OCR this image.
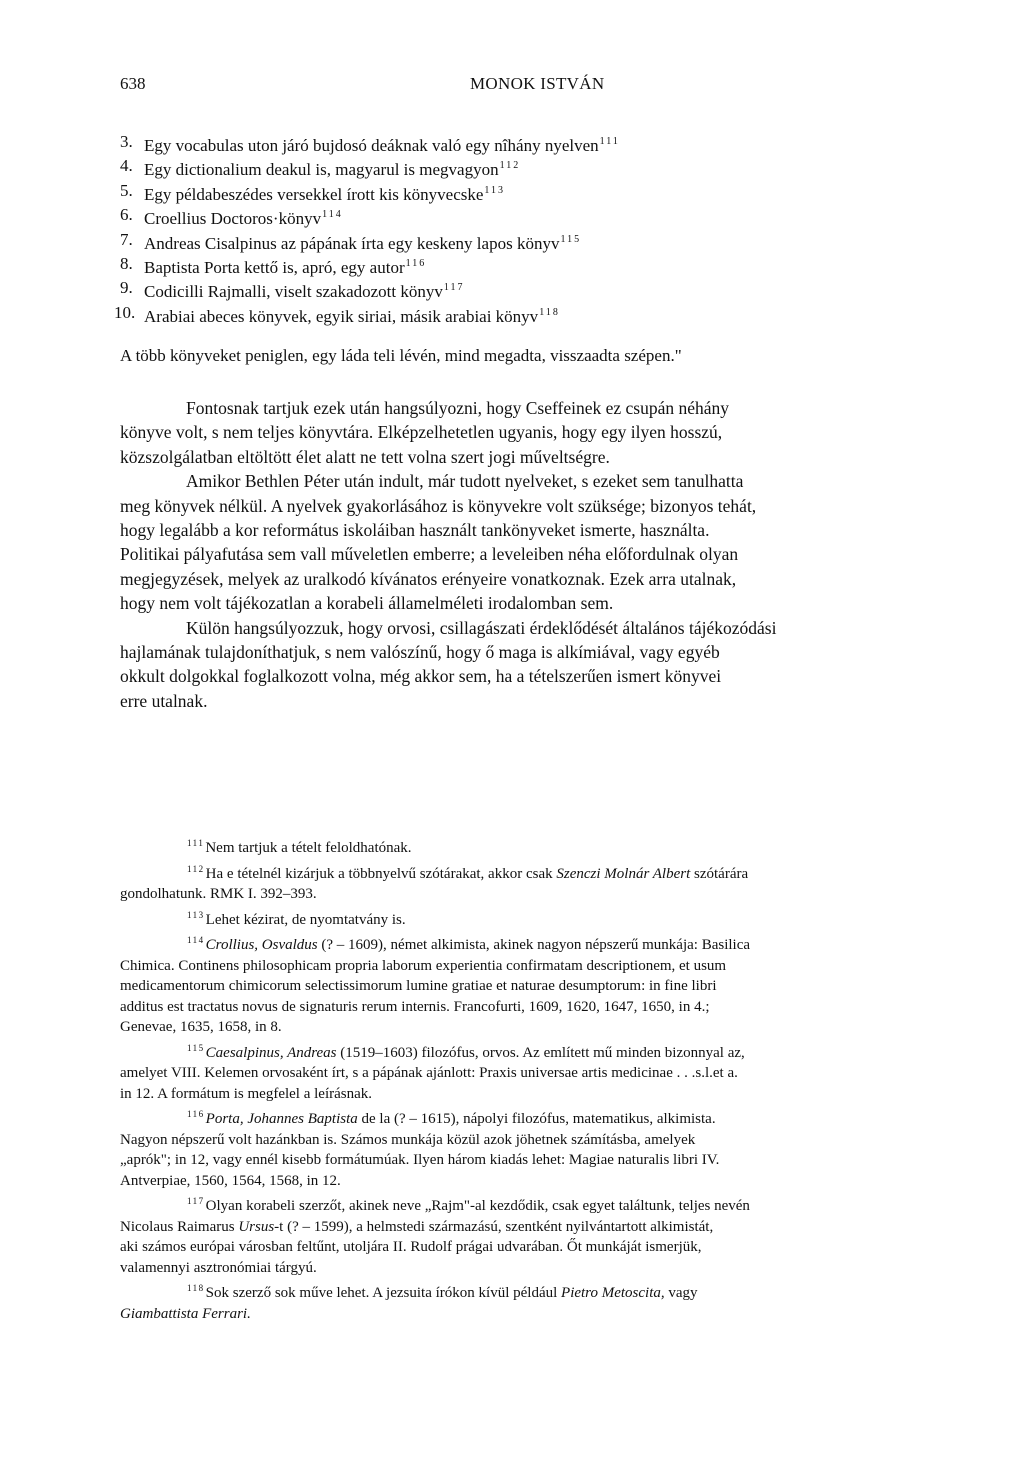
638	MONOK ISTVÁN
3. Egy vocabulas uton járó bujdosó deáknak való egy nîhány nyelven$^{111}$
4. Egy dictionalium deakul is, magyarul is megvagyon$^{112}$
5. Egy példabeszédes versekkel írott kis könyvecske$^{113}$
6. Croellius Doctoros·könyv$^{114}$
7. Andreas Cisalpinus az pápának írta egy keskeny lapos könyv$^{115}$
8. Baptista Porta kettő is, apró, egy autor$^{116}$
9. Codicilli Rajmalli, viselt szakadozott könyv$^{117}$
10. Arabiai abeces könyvek, egyik siriai, másik arabiai könyv$^{118}$
A több könyveket peniglen, egy láda teli lévén, mind megadta, visszaadta szépen."

Fontosnak tartjuk ezek után hangsúlyozni, hogy Cseffeinek ez csupán néhány
könyve volt, s nem teljes könyvtára. Elképzelhetetlen ugyanis, hogy egy ilyen hosszú,
közszolgálatban eltöltött élet alatt ne tett volna szert jogi műveltségre.

Amikor Bethlen Péter után indult, már tudott nyelveket, s ezeket sem tanulhatta
meg könyvek nélkül. A nyelvek gyakorlásához is könyvekre volt szüksége; bizonyos tehát,
hogy legalább a kor református iskoláiban használt tankönyveket ismerte, használta.
Politikai pályafutása sem vall műveletlen emberre; a leveleiben néha előfordulnak olyan
megjegyzések, melyek az uralkodó kívánatos erényeire vonatkoznak. Ezek arra utalnak,
hogy nem volt tájékozatlan a korabeli államelméleti irodalomban sem.

Külön hangsúlyozzuk, hogy orvosi, csillagászati érdeklődését általános tájékozódási
hajlamának tulajdoníthatjuk, s nem valószínű, hogy ő maga is alkímiával, vagy egyéb
okkult dolgokkal foglalkozott volna, még akkor sem, ha a tételszerűen ismert könyvei
erre utalnak.

$^{111}$Nem tartjuk a tételt feloldhatónak.

$^{112}$Ha e tételnél kizárjuk a többnyelvű szótárakat, akkor csak Szenczi Molnár Albert szótárára
gondolhatunk. RMK I. 392–393.

$^{113}$Lehet kézirat, de nyomtatvány is.

$^{114}$Crollius, Osvaldus (? – 1609), német alkimista, akinek nagyon népszerű munkája: Basilica
Chimica. Continens philosophicam propria laborum experientia confirmatam descriptionem, et usum
medicamentorum chimicorum selectissimorum lumine gratiae et naturae desumptorum: in fine libri
additus est tractatus novus de signaturis rerum internis. Francofurti, 1609, 1620, 1647, 1650, in 4.;
Genevae, 1635, 1658, in 8.

$^{115}$Caesalpinus, Andreas (1519–1603) filozófus, orvos. Az említett mű minden bizonnyal az,
amelyet VIII. Kelemen orvosaként írt, s a pápának ajánlott: Praxis universae artis medicinae . . .s.l.et a.
in 12. A formátum is megfelel a leírásnak.

$^{116}$Porta, Johannes Baptista de la (? – 1615), nápolyi filozófus, matematikus, alkimista.
Nagyon népszerű volt hazánkban is. Számos munkája közül azok jöhetnek számításba, amelyek
„aprók"; in 12, vagy ennél kisebb formátumúak. Ilyen három kiadás lehet: Magiae naturalis libri IV.
Antverpiae, 1560, 1564, 1568, in 12.

$^{117}$Olyan korabeli szerzőt, akinek neve „Rajm"-al kezdődik, csak egyet találtunk, teljes nevén
Nicolaus Raimarus Ursus-t (? – 1599), a helmstedi származású, szentként nyilvántartott alkimistát,
aki számos európai városban feltűnt, utoljára II. Rudolf prágai udvarában. Őt munkáját ismerjük,
valamennyi asztronómiai tárgyú.

$^{118}$Sok szerző sok műve lehet. A jezsuita írókon kívül például Pietro Metoscita, vagy
Giambattista Ferrari.
